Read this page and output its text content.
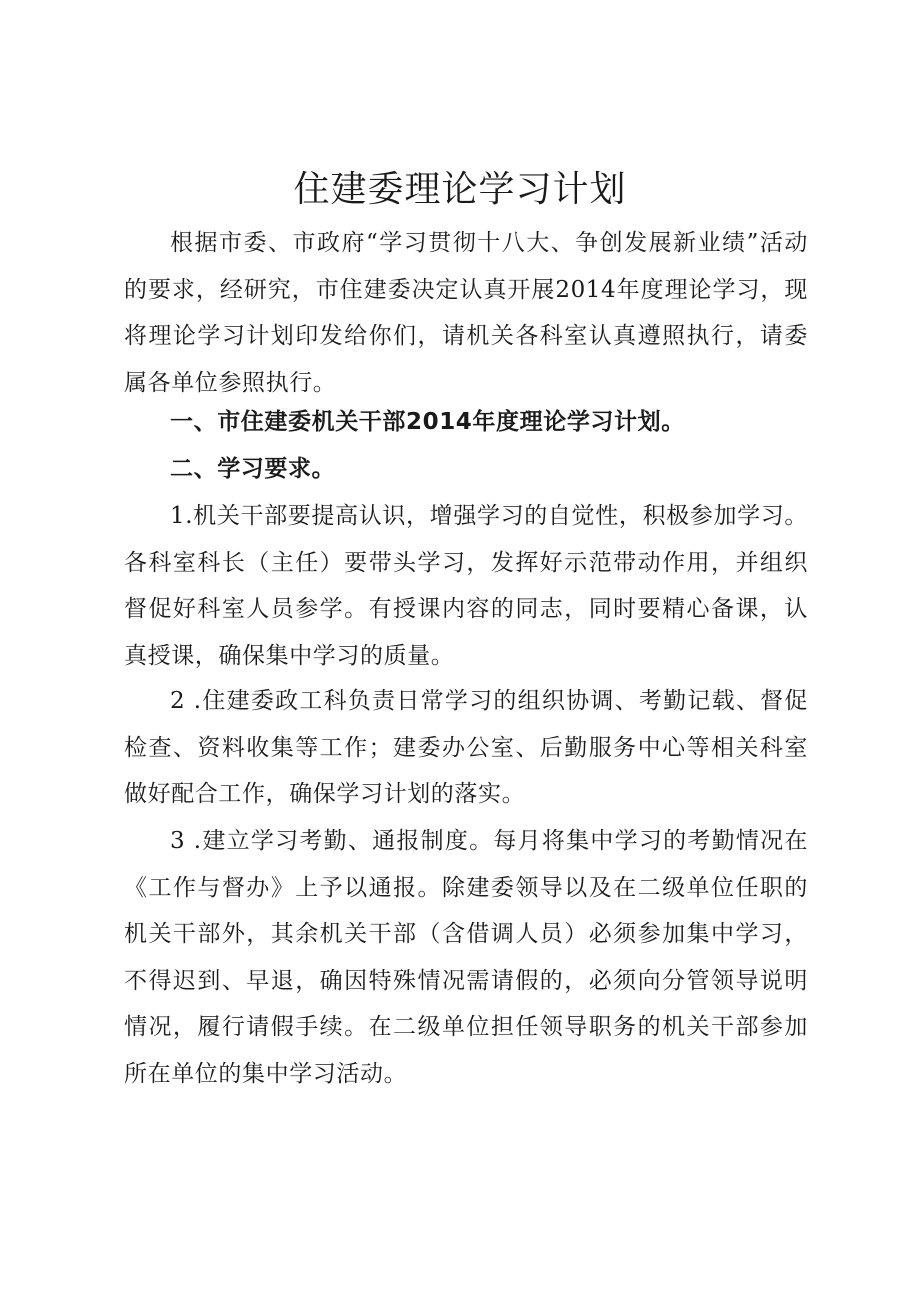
住建委理论学习计划

根据市委、市政府“学习贯彻十八大、争创发展新业绩”活动的要求，经研究，市住建委决定认真开展2014年度理论学习，现将理论学习计划印发给你们，请机关各科室认真遵照执行，请委属各单位参照执行。

一、市住建委机关干部2014年度理论学习计划。

二、学习要求。

1.机关干部要提高认识，增强学习的自觉性，积极参加学习。各科室科长（主任）要带头学习，发挥好示范带动作用，并组织督促好科室人员参学。有授课内容的同志，同时要精心备课，认真授课，确保集中学习的质量。

2 .住建委政工科负责日常学习的组织协调、考勤记载、督促检查、资料收集等工作；建委办公室、后勤服务中心等相关科室做好配合工作，确保学习计划的落实。

3 .建立学习考勤、通报制度。每月将集中学习的考勤情况在《工作与督办》上予以通报。除建委领导以及在二级单位任职的机关干部外，其余机关干部（含借调人员）必须参加集中学习，不得迟到、早退，确因特殊情况需请假的，必须向分管领导说明情况，履行请假手续。在二级单位担任领导职务的机关干部参加所在单位的集中学习活动。
